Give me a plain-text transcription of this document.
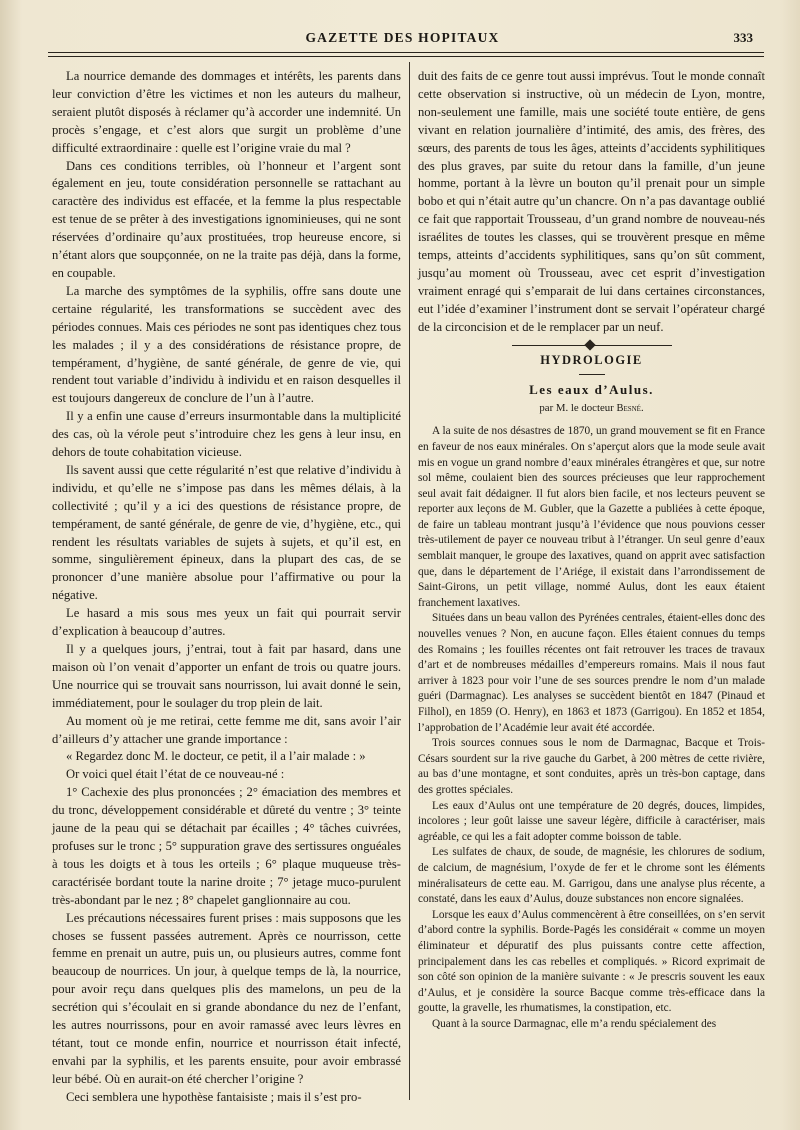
GAZETTE DES HOPITAUX	333

La nourrice demande des dommages et intérêts, les parents dans leur conviction d’être les victimes et non les auteurs du malheur, seraient plutôt disposés à réclamer qu’à accorder une indemnité. Un procès s’engage, et c’est alors que surgit un problème d’une difficulté extraordinaire : quelle est l’origine vraie du mal ?

Dans ces conditions terribles, où l’honneur et l’argent sont également en jeu, toute considération personnelle se rattachant au caractère des individus est effacée, et la femme la plus respectable est tenue de se prêter à des investigations ignominieuses, qui ne sont réservées d’ordinaire qu’aux prostituées, trop heureuse encore, si n’étant alors que soupçonnée, on ne la traite pas déjà, dans la forme, en coupable.

La marche des symptômes de la syphilis, offre sans doute une certaine régularité, les transformations se succèdent avec des périodes connues. Mais ces périodes ne sont pas identiques chez tous les malades ; il y a des considérations de résistance propre, de tempérament, d’hygiène, de santé générale, de genre de vie, qui rendent tout variable d’individu à individu et en raison desquelles il est toujours dangereux de conclure de l’un à l’autre.

Il y a enfin une cause d’erreurs insurmontable dans la multiplicité des cas, où la vérole peut s’introduire chez les gens à leur insu, en dehors de toute cohabitation vicieuse.

Ils savent aussi que cette régularité n’est que relative d’individu à individu, et qu’elle ne s’impose pas dans les mêmes délais, à la collectivité ; qu’il y a ici des questions de résistance propre, de tempérament, de santé générale, de genre de vie, d’hygiène, etc., qui rendent les résultats variables de sujets à sujets, et qu’il est, en somme, singulièrement épineux, dans la plupart des cas, de se prononcer d’une manière absolue pour l’affirmative ou pour la négative.

Le hasard a mis sous mes yeux un fait qui pourrait servir d’explication à beaucoup d’autres.

Il y a quelques jours, j’entrai, tout à fait par hasard, dans une maison où l’on venait d’apporter un enfant de trois ou quatre jours. Une nourrice qui se trouvait sans nourrisson, lui avait donné le sein, immédiatement, pour le soulager du trop plein de lait.

Au moment où je me retirai, cette femme me dit, sans avoir l’air d’ailleurs d’y attacher une grande importance :

« Regardez donc M. le docteur, ce petit, il a l’air malade : »

Or voici quel était l’état de ce nouveau-né :

1° Cachexie des plus prononcées ; 2° émaciation des membres et du tronc, développement considérable et dûreté du ventre ; 3° teinte jaune de la peau qui se détachait par écailles ; 4° tâches cuivrées, profuses sur le tronc ; 5° suppuration grave des sertissures onguéales à tous les doigts et à tous les orteils ; 6° plaque muqueuse très-caractérisée bordant toute la narine droite ; 7° jetage muco-purulent très-abondant par le nez ; 8° chapelet ganglionnaire au cou.

Les précautions nécessaires furent prises : mais supposons que les choses se fussent passées autrement. Après ce nourrisson, cette femme en prenait un autre, puis un, ou plusieurs autres, comme font beaucoup de nourrices. Un jour, à quelque temps de là, la nourrice, pour avoir reçu dans quelques plis des mamelons, un peu de la secrétion qui s’écoulait en si grande abondance du nez de l’enfant, les autres nourrissons, pour en avoir ramassé avec leurs lèvres en tétant, tout ce monde enfin, nourrice et nourrisson était infecté, envahi par la syphilis, et les parents ensuite, pour avoir embrassé leur bébé. Où en aurait-on été chercher l’origine ?

Ceci semblera une hypothèse fantaisiste ; mais il s’est pro-

duit des faits de ce genre tout aussi imprévus. Tout le monde connaît cette observation si instructive, où un médecin de Lyon, montre, non-seulement une famille, mais une société toute entière, de gens vivant en relation journalière d’intimité, des amis, des frères, des sœurs, des parents de tous les âges, atteints d’accidents syphilitiques des plus graves, par suite du retour dans la famille, d’un jeune homme, portant à la lèvre un bouton qu’il prenait pour un simple bobo et qui n’était autre qu’un chancre. On n’a pas davantage oublié ce fait que rapportait Trousseau, d’un grand nombre de nouveau-nés israélites de toutes les classes, qui se trouvèrent presque en même temps, atteints d’accidents syphilitiques, sans qu’on sût comment, jusqu’au moment où Trousseau, avec cet esprit d’investigation vraiment enragé qui s’emparait de lui dans certaines circonstances, eut l’idée d’examiner l’instrument dont se servait l’opérateur chargé de la circoncision et de le remplacer par un neuf.

HYDROLOGIE
Les eaux d’Aulus.
par M. le docteur Besné.

A la suite de nos désastres de 1870, un grand mouvement se fit en France en faveur de nos eaux minérales. On s’aperçut alors que la mode seule avait mis en vogue un grand nombre d’eaux minérales étrangères et que, sur notre sol même, coulaient bien des sources précieuses que leur rapprochement seul avait fait dédaigner. Il fut alors bien facile, et nos lecteurs peuvent se reporter aux leçons de M. Gubler, que la Gazette a publiées à cette époque, de faire un tableau montrant jusqu’à l’évidence que nous pouvions cesser très-utilement de payer ce nouveau tribut à l’étranger. Un seul genre d’eaux semblait manquer, le groupe des laxatives, quand on apprit avec satisfaction que, dans le département de l’Ariége, il existait dans l’arrondissement de Saint-Girons, un petit village, nommé Aulus, dont les eaux étaient franchement laxatives.

Situées dans un beau vallon des Pyrénées centrales, étaient-elles donc des nouvelles venues ? Non, en aucune façon. Elles étaient connues du temps des Romains ; les fouilles récentes ont fait retrouver les traces de travaux d’art et de nombreuses médailles d’empereurs romains. Mais il nous faut arriver à 1823 pour voir l’une de ses sources prendre le nom d’un malade guéri (Darmagnac). Les analyses se succèdent bientôt en 1847 (Pinaud et Filhol), en 1859 (O. Henry), en 1863 et 1873 (Garrigou). En 1852 et 1854, l’approbation de l’Académie leur avait été accordée.

Trois sources connues sous le nom de Darmagnac, Bacque et Trois-Césars sourdent sur la rive gauche du Garbet, à 200 mètres de cette rivière, au bas d’une montagne, et sont conduites, après un très-bon captage, dans des grottes spéciales.

Les eaux d’Aulus ont une température de 20 degrés, douces, limpides, incolores ; leur goût laisse une saveur légère, difficile à caractériser, mais agréable, ce qui les a fait adopter comme boisson de table.

Les sulfates de chaux, de soude, de magnésie, les chlorures de sodium, de calcium, de magnésium, l’oxyde de fer et le chrome sont les éléments minéralisateurs de cette eau. M. Garrigou, dans une analyse plus récente, a constaté, dans les eaux d’Aulus, douze substances non encore signalées.

Lorsque les eaux d’Aulus commencèrent à être conseillées, on s’en servit d’abord contre la syphilis. Borde-Pagés les considérait « comme un moyen éliminateur et dépuratif des plus puissants contre cette affection, principalement dans les cas rebelles et compliqués. » Ricord exprimait de son côté son opinion de la manière suivante : « Je prescris souvent les eaux d’Aulus, et je considère la source Bacque comme très-efficace dans la goutte, la gravelle, les rhumatismes, la constipation, etc.

Quant à la source Darmagnac, elle m’a rendu spécialement des
